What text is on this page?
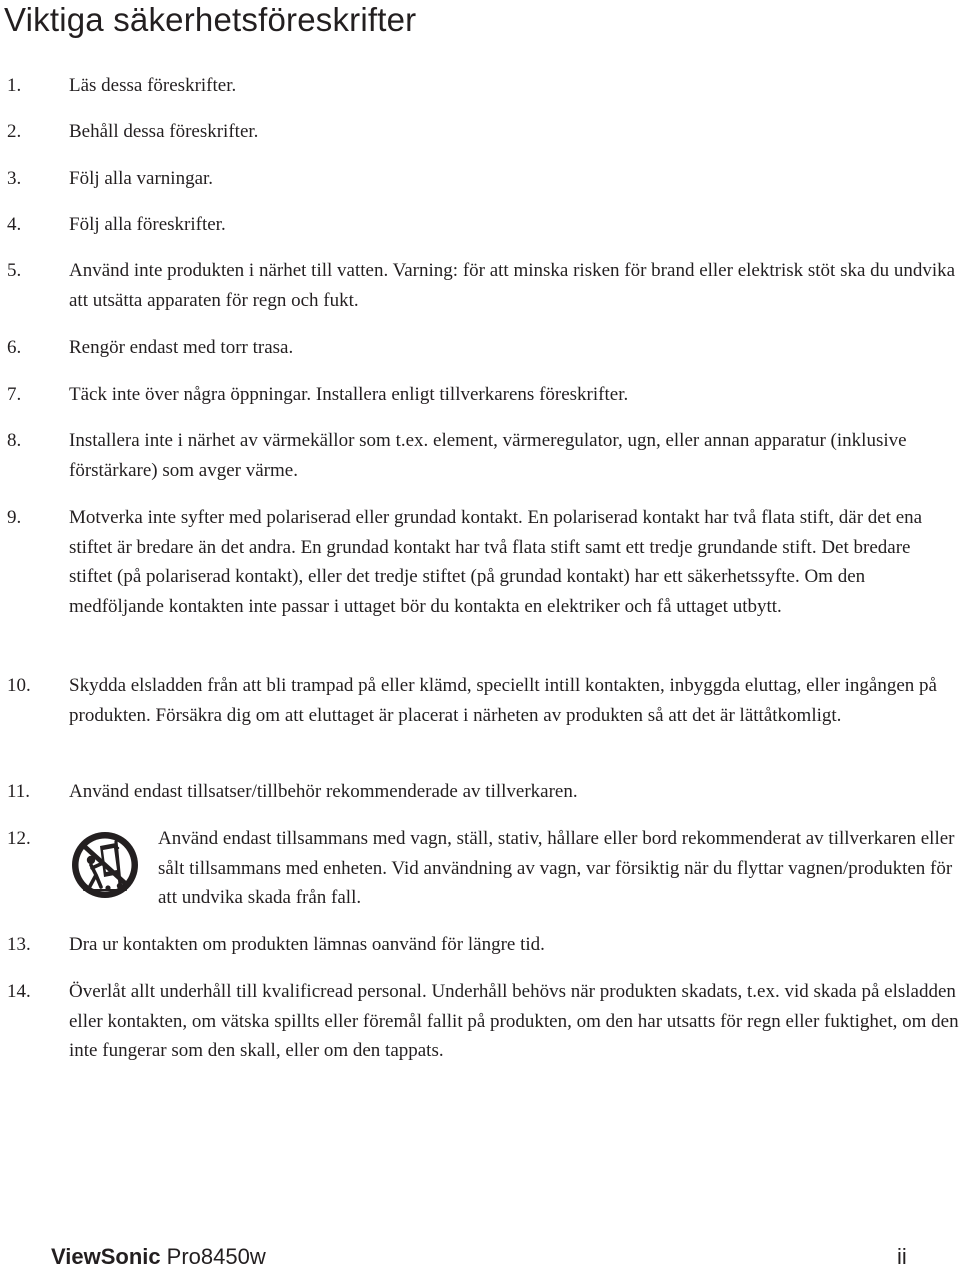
Viktiga säkerhetsföreskrifter
1.	Läs dessa föreskrifter.
2.	Behåll dessa föreskrifter.
3.	Följ alla varningar.
4.	Följ alla föreskrifter.
5.	Använd inte produkten i närhet till vatten. Varning: för att minska risken för brand eller elektrisk stöt ska du undvika att utsätta apparaten för regn och fukt.
6.	Rengör endast med torr trasa.
7.	Täck inte över några öppningar. Installera enligt tillverkarens föreskrifter.
8.	Installera inte i närhet av värmekällor som t.ex. element, värmeregulator, ugn, eller annan apparatur (inklusive förstärkare) som avger värme.
9.	Motverka inte syfter med polariserad eller grundad kontakt. En polariserad kontakt har två flata stift, där det ena stiftet är bredare än det andra. En grundad kontakt har två flata stift samt ett tredje grundande stift. Det bredare stiftet (på polariserad kontakt), eller det tredje stiftet (på grundad kontakt) har ett säkerhetssyfte. Om den medföljande kontakten inte passar i uttaget bör du kontakta en elektriker och få uttaget utbytt.
10. Skydda elsladden från att bli trampad på eller klämd, speciellt intill kontakten, inbyggda eluttag, eller ingången på produkten. Försäkra dig om att eluttaget är placerat i närheten av produkten så att det är lättåtkomligt.
11. Använd endast tillsatser/tillbehör rekommenderade av tillverkaren.
12.	Använd endast tillsammans med vagn, ställ, stativ, hållare eller bord rekommenderat av tillverkaren eller sålt tillsammans med enheten. Vid användning av vagn, var försiktig när du flyttar vagnen/produkten för att undvika skada från fall.
13. Dra ur kontakten om produkten lämnas oanvänd för längre tid.
14. Överlåt allt underhåll till kvalificread personal. Underhåll behövs när produkten skadats, t.ex. vid skada på elsladden eller kontakten, om vätska spillts eller föremål fallit på produkten, om den har utsatts för regn eller fuktighet, om den inte fungerar som den skall, eller om den tappats.
ViewSonic Pro8450w	ii
